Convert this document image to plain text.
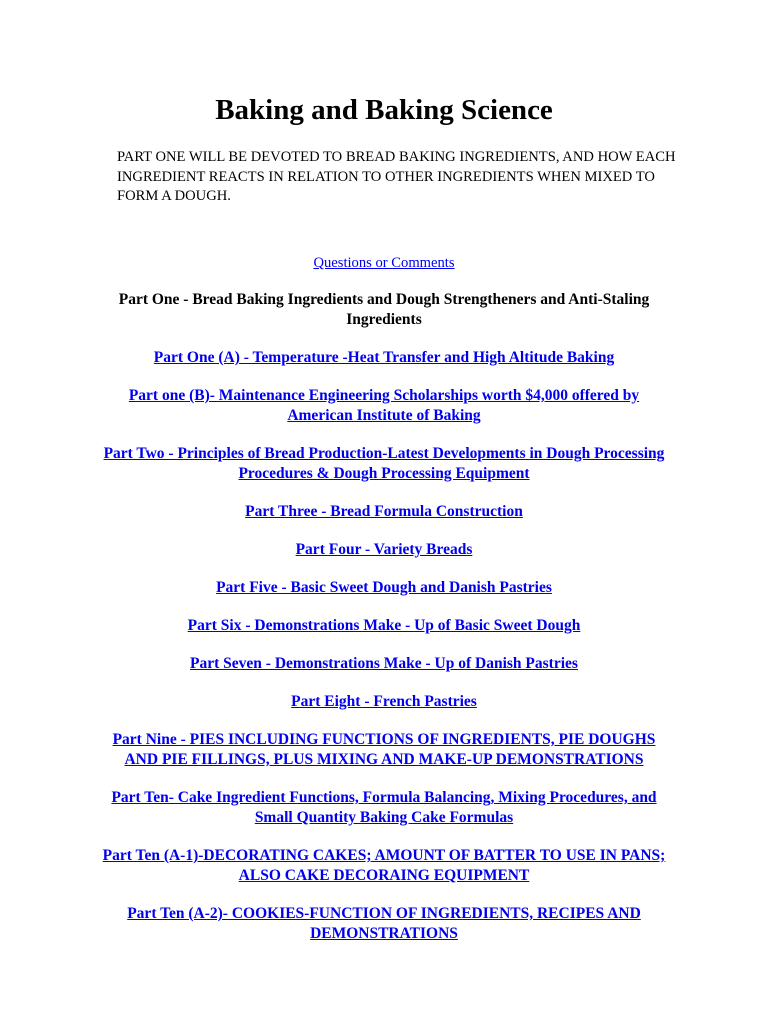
Baking and Baking Science

PART ONE WILL BE DEVOTED TO BREAD BAKING INGREDIENTS, AND HOW EACH INGREDIENT REACTS IN RELATION TO OTHER INGREDIENTS WHEN MIXED TO FORM A DOUGH.

Questions or Comments
Part One - Bread Baking Ingredients and Dough Strengtheners and Anti-Staling Ingredients
Part One (A) - Temperature -Heat Transfer and High Altitude Baking
Part one (B)- Maintenance Engineering Scholarships worth $4,000 offered by American Institute of Baking
Part Two - Principles of Bread Production-Latest Developments in Dough Processing Procedures & Dough Processing Equipment
Part Three - Bread Formula Construction
Part Four - Variety Breads
Part Five - Basic Sweet Dough and Danish Pastries
Part Six - Demonstrations Make - Up of Basic Sweet Dough
Part Seven - Demonstrations Make - Up of Danish Pastries
Part Eight - French Pastries
Part Nine - PIES INCLUDING FUNCTIONS OF INGREDIENTS, PIE DOUGHS AND PIE FILLINGS, PLUS MIXING AND MAKE-UP DEMONSTRATIONS
Part Ten- Cake Ingredient Functions, Formula Balancing, Mixing Procedures, and Small Quantity Baking Cake Formulas
Part Ten (A-1)-DECORATING CAKES; AMOUNT OF BATTER TO USE IN PANS; ALSO CAKE DECORAING EQUIPMENT
Part Ten (A-2)- COOKIES-FUNCTION OF INGREDIENTS, RECIPES AND DEMONSTRATIONS
